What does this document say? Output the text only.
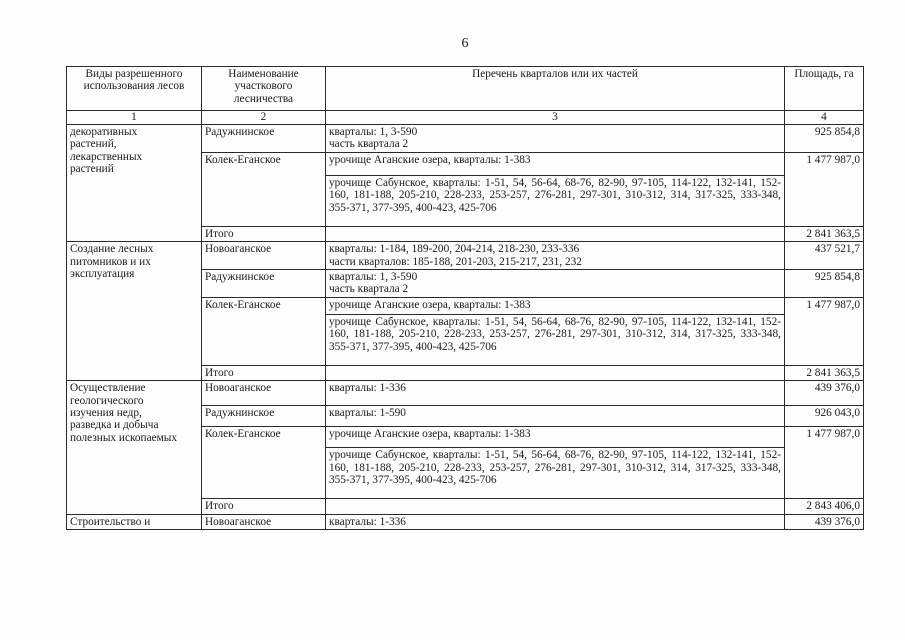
6
Виды разрешенного использования лесов	Наименование участкового лесничества	Перечень кварталов или их частей	Площадь, га
1	2	3	4

декоративных
растений,
лекарственных
растений	Радужнинское	кварталы: 1, 3-590
часть квартала 2	925 854,8
	Колек-Еганское	урочище Аганские озера, кварталы: 1-383	1 477 987,0
		урочище Сабунское, кварталы: 1-51, 54, 56-64, 68-76, 82-90, 97-105, 114-122, 132-141, 152-160, 181-188, 205-210, 228-233, 253-257, 276-281, 297-301, 310-312, 314, 317-325, 333-348, 355-371, 377-395, 400-423, 425-706	
	Итого		2 841 363,5

Создание лесных
питомников и их
эксплуатация	Новоаганское	кварталы: 1-184, 189-200, 204-214, 218-230, 233-336
части кварталов: 185-188, 201-203, 215-217, 231, 232	437 521,7
	Радужнинское	кварталы: 1, 3-590
часть квартала 2	925 854,8
	Колек-Еганское	урочище Аганские озера, кварталы: 1-383	1 477 987,0
		урочище Сабунское, кварталы: 1-51, 54, 56-64, 68-76, 82-90, 97-105, 114-122, 132-141, 152-160, 181-188, 205-210, 228-233, 253-257, 276-281, 297-301, 310-312, 314, 317-325, 333-348, 355-371, 377-395, 400-423, 425-706	
	Итого		2 841 363,5

Осуществление
геологического
изучения недр,
разведка и добыча
полезных ископаемых	Новоаганское	кварталы: 1-336	439 376,0
	Радужнинское	кварталы: 1-590	926 043,0
	Колек-Еганское	урочище Аганские озера, кварталы: 1-383	1 477 987,0
		урочище Сабунское, кварталы: 1-51, 54, 56-64, 68-76, 82-90, 97-105, 114-122, 132-141, 152-160, 181-188, 205-210, 228-233, 253-257, 276-281, 297-301, 310-312, 314, 317-325, 333-348, 355-371, 377-395, 400-423, 425-706	
	Итого		2 843 406,0
Строительство и	Новоаганское	кварталы: 1-336	439 376,0
